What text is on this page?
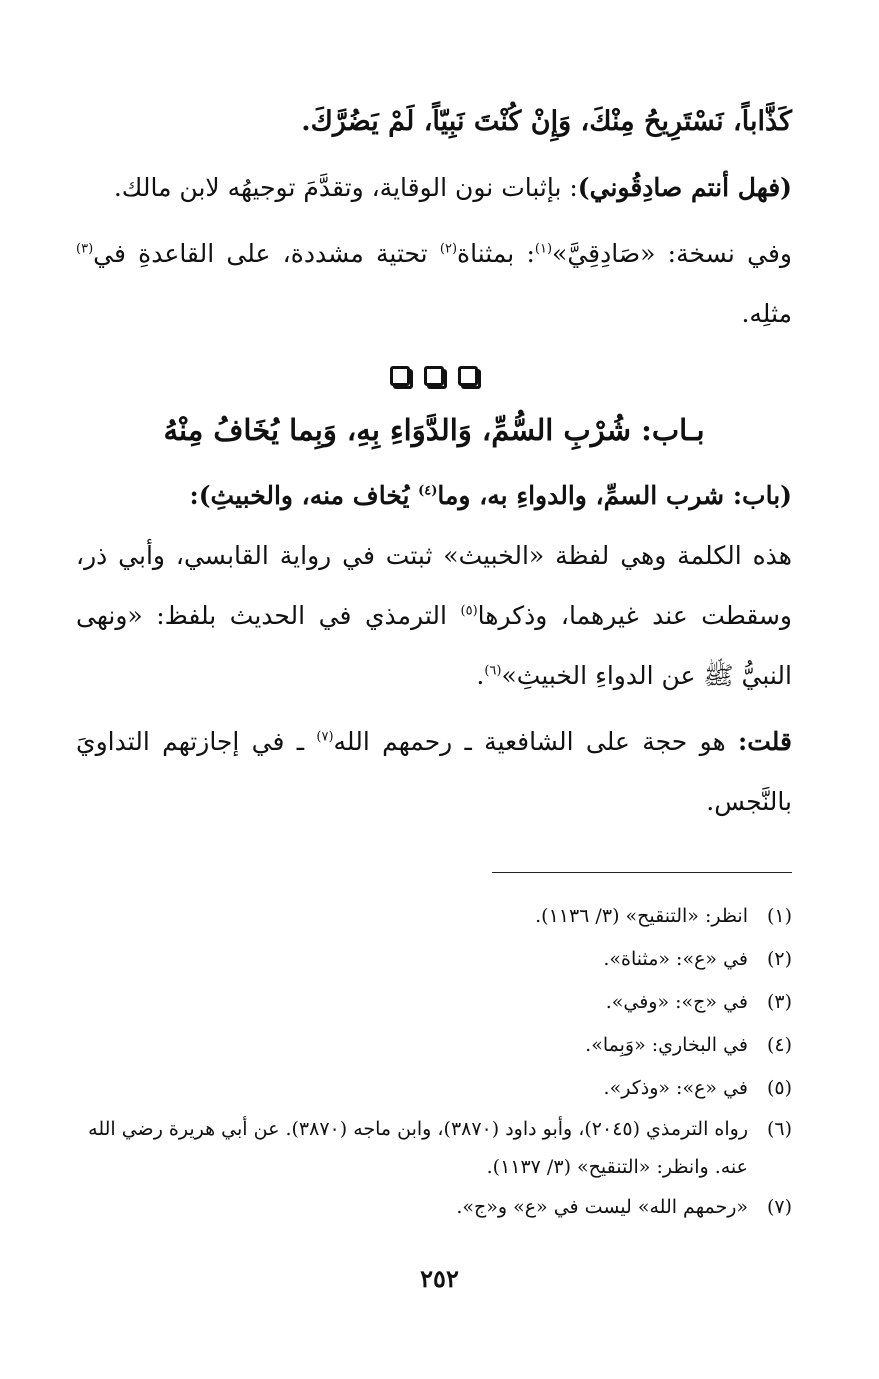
كَذَّاباً، نَسْتَرِيحُ مِنْكَ، وَإِنْ كُنْتَ نَبِيّاً، لَمْ يَضُرَّكَ.

(فهل أنتم صادِقُوني): بإثبات نون الوقاية، وتقدَّمَ توجيهُه لابن مالك.

وفي نسخة: «صَادِقِيَّ»$^{(١)}$: بمثناة$^{(٢)}$ تحتية مشددة، على القاعدةِ في$^{(٣)}$ مثلِه.

بـاب: شُرْبِ السُّمِّ، وَالدَّوَاءِ بِهِ، وَبِما يُخَافُ مِنْهُ

(باب: شرب السمِّ، والدواءِ به، وما$^{(٤)}$ يُخاف منه، والخبيثِ):

هذه الكلمة وهي لفظة «الخبيث» ثبتت في رواية القابسي، وأبي ذر، وسقطت عند غيرهما، وذكرها$^{(٥)}$ الترمذي في الحديث بلفظ: «ونهى النبيُّ ﷺ عن الدواءِ الخبيثِ»$^{(٦)}$.

قلت: هو حجة على الشافعية ـ رحمهم الله$^{(٧)}$ ـ في إجازتهم التداويَ بالنَّجس.

(١)
انظر: «التنقيح» (٣/ ١١٣٦).
(٢)
في «ع»: «مثناة».
(٣)
في «ج»: «وفي».
(٤)
في البخاري: «وَبِما».
(٥)
في «ع»: «وذكر».
(٦)
رواه الترمذي (٢٠٤٥)، وأبو داود (٣٨٧٠)، وابن ماجه (٣٨٧٠). عن أبي هريرة رضي الله عنه. وانظر: «التنقيح» (٣/ ١١٣٧).
(٧)
«رحمهم الله» ليست في «ع» و«ج».
٢٥٢
